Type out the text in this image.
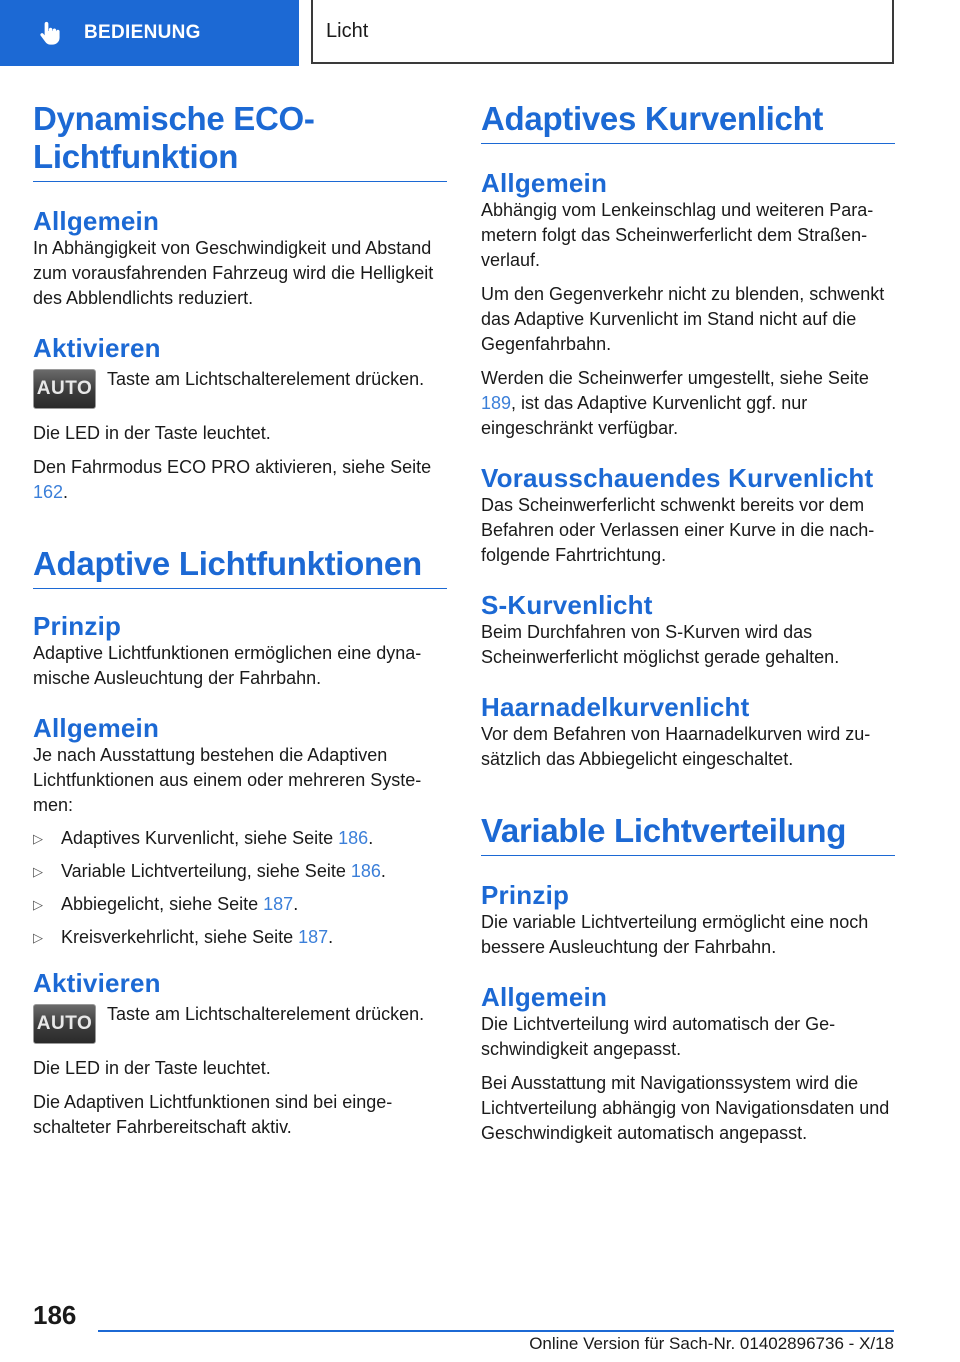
BEDIENUNG	Licht
Dynamische ECO-Lichtfunktion
Allgemein

In Abhängigkeit von Geschwindigkeit und Abstand zum vorausfahrenden Fahrzeug wird die Helligkeit des Abblendlichts reduziert.

Aktivieren
AUTO Taste am Lichtschalterelement drücken.

Die LED in der Taste leuchtet.

Den Fahrmodus ECO PRO aktivieren, siehe Seite 162.

Adaptive Lichtfunktionen
Prinzip

Adaptive Lichtfunktionen ermöglichen eine dynamische Ausleuchtung der Fahrbahn.

Allgemein

Je nach Ausstattung bestehen die Adaptiven Lichtfunktionen aus einem oder mehreren Systemen:

▷	Adaptives Kurvenlicht, siehe Seite 186.
▷	Variable Lichtverteilung, siehe Seite 186.
▷	Abbiegelicht, siehe Seite 187.
▷	Kreisverkehrlicht, siehe Seite 187.
Aktivieren
AUTO Taste am Lichtschalterelement drücken.

Die LED in der Taste leuchtet.

Die Adaptiven Lichtfunktionen sind bei eingeschalteter Fahrbereitschaft aktiv.

Adaptives Kurvenlicht
Allgemein

Abhängig vom Lenkeinschlag und weiteren Parametern folgt das Scheinwerferlicht dem Straßenverlauf.

Um den Gegenverkehr nicht zu blenden, schwenkt das Adaptive Kurvenlicht im Stand nicht auf die Gegenfahrbahn.

Werden die Scheinwerfer umgestellt, siehe Seite 189, ist das Adaptive Kurvenlicht ggf. nur eingeschränkt verfügbar.

Vorausschauendes Kurvenlicht

Das Scheinwerferlicht schwenkt bereits vor dem Befahren oder Verlassen einer Kurve in die nachfolgende Fahrtrichtung.

S-Kurvenlicht

Beim Durchfahren von S-Kurven wird das Scheinwerferlicht möglichst gerade gehalten.

Haarnadelkurvenlicht

Vor dem Befahren von Haarnadelkurven wird zusätzlich das Abbiegelicht eingeschaltet.

Variable Lichtverteilung
Prinzip

Die variable Lichtverteilung ermöglicht eine noch bessere Ausleuchtung der Fahrbahn.

Allgemein

Die Lichtverteilung wird automatisch der Geschwindigkeit angepasst.

Bei Ausstattung mit Navigationssystem wird die Lichtverteilung abhängig von Navigationsdaten und Geschwindigkeit automatisch angepasst.

186
Online Version für Sach-Nr. 01402896736 - X/18
